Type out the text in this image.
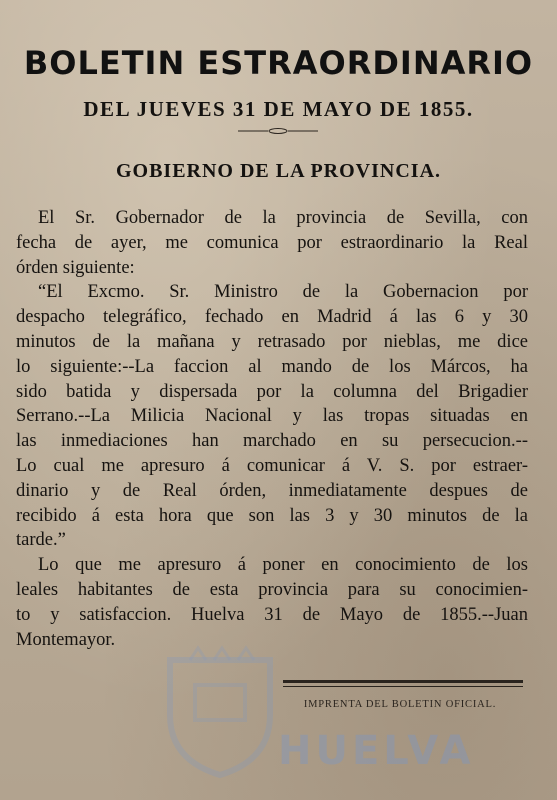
BOLETIN ESTRAORDINARIO
DEL JUEVES 31 DE MAYO DE 1855.
GOBIERNO DE LA PROVINCIA.
El Sr. Gobernador de la provincia de Sevilla, con
fecha de ayer, me comunica por estraordinario la Real
órden siguiente:
“El Excmo. Sr. Ministro de la Gobernacion por
despacho telegráfico, fechado en Madrid á las 6 y 30
minutos de la mañana y retrasado por nieblas, me dice
lo siguiente:--La faccion al mando de los Márcos, ha
sido batida y dispersada por la columna del Brigadier
Serrano.--La Milicia Nacional y las tropas situadas en
las inmediaciones han marchado en su persecucion.--
Lo cual me apresuro á comunicar á V. S. por estraer-
dinario y de Real órden, inmediatamente despues de
recibido á esta hora que son las 3 y 30 minutos de la
tarde.”
Lo que me apresuro á poner en conocimiento de los
leales habitantes de esta provincia para su conocimien-
to y satisfaccion. Huelva 31 de Mayo de 1855.--Juan
Montemayor.
HUELVA
IMPRENTA DEL BOLETIN OFICIAL.
